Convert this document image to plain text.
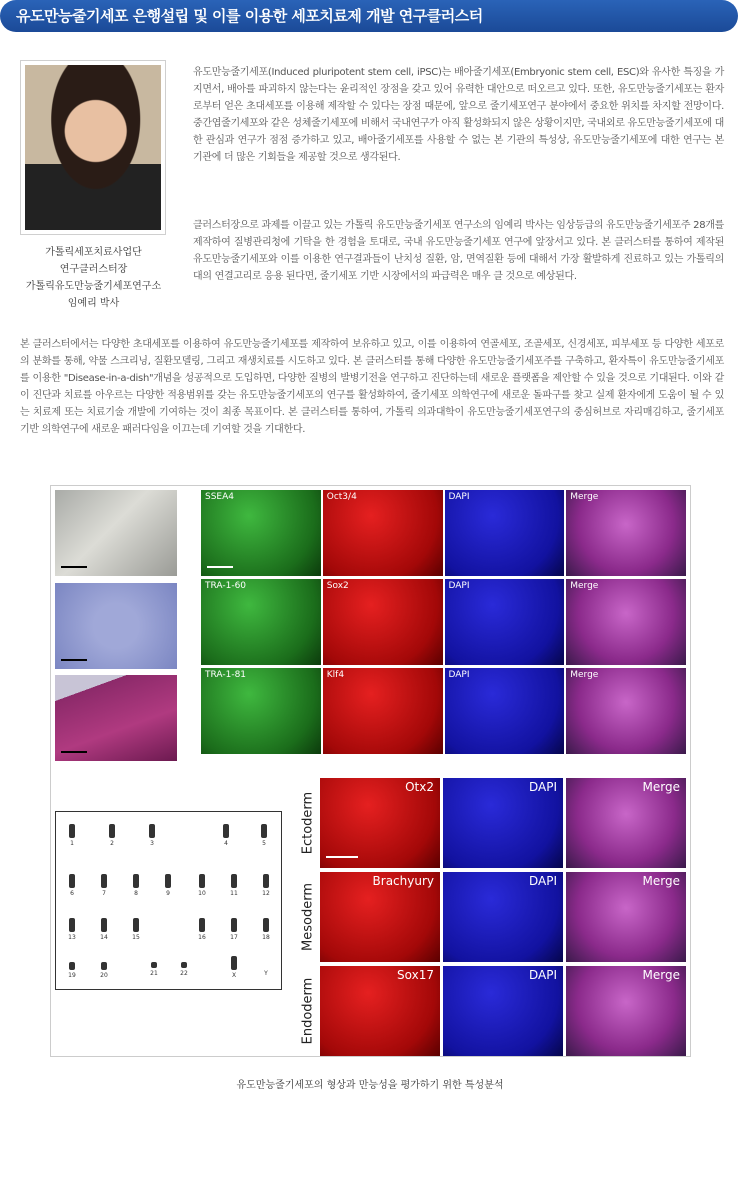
유도만능줄기세포 은행설립 및 이를 이용한 세포치료제 개발 연구클러스터
가톨릭세포치료사업단
연구클러스터장
가톨릭유도만능줄기세포연구소
임예리 박사

유도만능줄기세포(Induced pluripotent stem cell, iPSC)는 배아줄기세포(Embryonic stem cell, ESC)와 유사한 특징을 가지면서, 배아를 파괴하지 않는다는 윤리적인 장점을 갖고 있어 유력한 대안으로 떠오르고 있다. 또한, 유도만능줄기세포는 환자로부터 얻은 초대세포를 이용해 제작할 수 있다는 장점 때문에, 앞으로 줄기세포연구 분야에서 중요한 위치를 차지할 전망이다. 중간엽줄기세포와 같은 성체줄기세포에 비해서 국내연구가 아직 활성화되지 않은 상황이지만, 국내외로 유도만능줄기세포에 대한 관심과 연구가 점점 증가하고 있고, 배아줄기세포를 사용할 수 없는 본 기관의 특성상, 유도만능줄기세포에 대한 연구는 본 기관에 더 많은 기회들을 제공할 것으로 생각된다.

클러스터장으로 과제를 이끌고 있는 가톨릭 유도만능줄기세포 연구소의 임예리 박사는 임상등급의 유도만능줄기세포주 28개를 제작하여 질병관리청에 기탁을 한 경험을 토대로, 국내 유도만능줄기세포 연구에 앞장서고 있다. 본 클러스터를 통하여 제작된 유도만능줄기세포와 이를 이용한 연구결과들이 난치성 질환, 암, 면역질환 등에 대해서 가장 활발하게 진료하고 있는 가톨릭의대의 연결고리로 응용 된다면, 줄기세포 기반 시장에서의 파급력은 매우 클 것으로 예상된다.

본 클러스터에서는 다양한 초대세포를 이용하여 유도만능줄기세포를 제작하여 보유하고 있고, 이를 이용하여 연골세포, 조골세포, 신경세포, 피부세포 등 다양한 세포로의 분화를 통해, 약물 스크리닝, 질환모델링, 그리고 재생치료를 시도하고 있다. 본 클러스터를 통해 다양한 유도만능줄기세포주를 구축하고, 환자특이 유도만능줄기세포를 이용한 "Disease-in-a-dish"개념을 성공적으로 도입하면, 다양한 질병의 발병기전을 연구하고 진단하는데 새로운 플랫폼을 제안할 수 있을 것으로 기대된다. 이와 같이 진단과 치료를 아우르는 다양한 적용범위를 갖는 유도만능줄기세포의 연구를 활성화하여, 줄기세포 의학연구에 새로운 돌파구를 찾고 실제 환자에게 도움이 될 수 있는 치료제 또는 치료기술 개발에 기여하는 것이 최종 목표이다. 본 클러스터를 통하여, 가톨릭 의과대학이 유도만능줄기세포연구의 중심허브로 자리매김하고, 줄기세포 기반 의학연구에 새로운 패러다임을 이끄는데 기여할 것을 기대한다.

SSEA4	Oct3/4	DAPI	Merge
TRA-1-60	Sox2	DAPI	Merge
TRA-1-81	Klf4	DAPI	Merge
1	2	3	4	5
6	7	8	9	10	11	12
13	14	15	16	17	18
19	20	21	22	X	Y
Ectoderm
Otx2	DAPI	Merge
Mesoderm
Brachyury	DAPI	Merge
Endoderm
Sox17	DAPI	Merge
유도만능줄기세포의 형상과 만능성을 평가하기 위한 특성분석
